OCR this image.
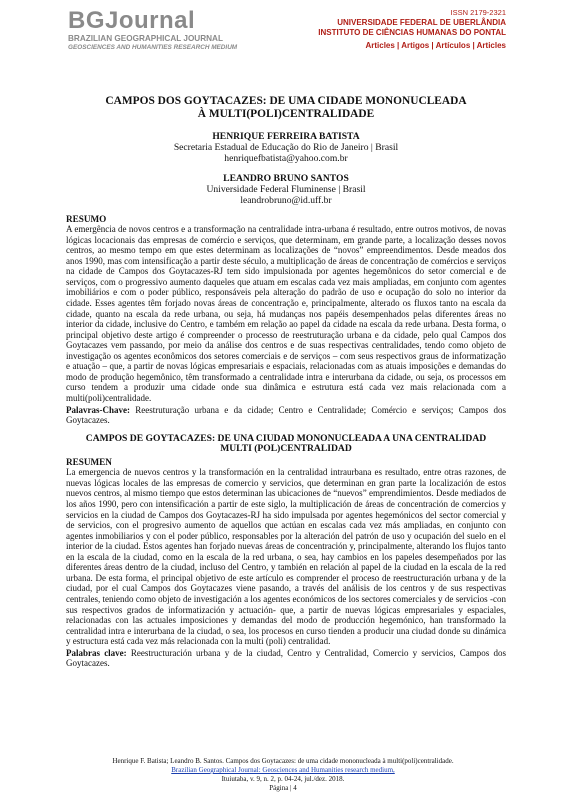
BGJournal
BRAZILIAN GEOGRAPHICAL JOURNAL
GEOSCIENCES AND HUMANITIES RESEARCH MEDIUM
ISSN 2179-2321
UNIVERSIDADE FEDERAL DE UBERLÂNDIA
INSTITUTO DE CIÊNCIAS HUMANAS DO PONTAL
Articles | Artigos | Artículos | Articles
CAMPOS DOS GOYTACAZES: DE UMA CIDADE MONONUCLEADA
À MULTI(POLI)CENTRALIDADE
HENRIQUE FERREIRA BATISTA
Secretaria Estadual de Educação do Rio de Janeiro | Brasil
henriquefbatista@yahoo.com.br
LEANDRO BRUNO SANTOS
Universidade Federal Fluminense | Brasil
leandrobruno@id.uff.br
RESUMO

A emergência de novos centros e a transformação na centralidade intra-urbana é resultado, entre outros motivos, de novas lógicas locacionais das empresas de comércio e serviços, que determinam, em grande parte, a localização desses novos centros, ao mesmo tempo em que estes determinam as localizações de “novos” empreendimentos. Desde meados dos anos 1990, mas com intensificação a partir deste século, a multiplicação de áreas de concentração de comércios e serviços na cidade de Campos dos Goytacazes-RJ tem sido impulsionada por agentes hegemônicos do setor comercial e de serviços, com o progressivo aumento daqueles que atuam em escalas cada vez mais ampliadas, em conjunto com agentes imobiliários e com o poder público, responsáveis pela alteração do padrão de uso e ocupação do solo no interior da cidade. Esses agentes têm forjado novas áreas de concentração e, principalmente, alterado os fluxos tanto na escala da cidade, quanto na escala da rede urbana, ou seja, há mudanças nos papéis desempenhados pelas diferentes áreas no interior da cidade, inclusive do Centro, e também em relação ao papel da cidade na escala da rede urbana. Desta forma, o principal objetivo deste artigo é compreender o processo de reestruturação urbana e da cidade, pelo qual Campos dos Goytacazes vem passando, por meio da análise dos centros e de suas respectivas centralidades, tendo como objeto de investigação os agentes econômicos dos setores comerciais e de serviços – com seus respectivos graus de informatização e atuação – que, a partir de novas lógicas empresariais e espaciais, relacionadas com as atuais imposições e demandas do modo de produção hegemônico, têm transformado a centralidade intra e interurbana da cidade, ou seja, os processos em curso tendem a produzir uma cidade onde sua dinâmica e estrutura está cada vez mais relacionada com a multi(poli)centralidade.

Palavras-Chave: Reestruturação urbana e da cidade; Centro e Centralidade; Comércio e serviços; Campos dos Goytacazes.
CAMPOS DE GOYTACAZES: DE UNA CIUDAD MONONUCLEADA A UNA CENTRALIDAD
MULTI (POL)CENTRALIDAD
RESUMEN

La emergencia de nuevos centros y la transformación en la centralidad intraurbana es resultado, entre otras razones, de nuevas lógicas locales de las empresas de comercio y servicios, que determinan en gran parte la localización de estos nuevos centros, al mismo tiempo que estos determinan las ubicaciones de “nuevos” emprendimientos. Desde mediados de los años 1990, pero con intensificación a partir de este siglo, la multiplicación de áreas de concentración de comercios y servicios en la ciudad de Campos dos Goytacazes-RJ ha sido impulsada por agentes hegemónicos del sector comercial y de servicios, con el progresivo aumento de aquellos que actúan en escalas cada vez más ampliadas, en conjunto con agentes inmobiliarios y con el poder público, responsables por la alteración del patrón de uso y ocupación del suelo en el interior de la ciudad. Estos agentes han forjado nuevas áreas de concentración y, principalmente, alterando los flujos tanto en la escala de la ciudad, como en la escala de la red urbana, o sea, hay cambios en los papeles desempeñados por las diferentes áreas dentro de la ciudad, incluso del Centro, y también en relación al papel de la ciudad en la escala de la red urbana. De esta forma, el principal objetivo de este artículo es comprender el proceso de reestructuración urbana y de la ciudad, por el cual Campos dos Goytacazes viene pasando, a través del análisis de los centros y de sus respectivas centrales, teniendo como objeto de investigación a los agentes económicos de los sectores comerciales y de servicios -con sus respectivos grados de informatización y actuación- que, a partir de nuevas lógicas empresariales y espaciales, relacionadas con las actuales imposiciones y demandas del modo de producción hegemónico, han transformado la centralidad intra e interurbana de la ciudad, o sea, los procesos en curso tienden a producir una ciudad donde su dinámica y estructura está cada vez más relacionada con la multi (poli) centralidad.

Palabras clave: Reestructuración urbana y de la ciudad, Centro y Centralidad, Comercio y servicios, Campos dos Goytacazes.
Henrique F. Batista; Leandro B. Santos. Campos dos Goytacazes: de uma cidade mononucleada à multi(poli)centralidade.
Brazilian Geographical Journal: Geosciences and Humanities research medium,
Ituiutaba, v. 9, n. 2, p. 04-24, jul./dez. 2018.
Página | 4
